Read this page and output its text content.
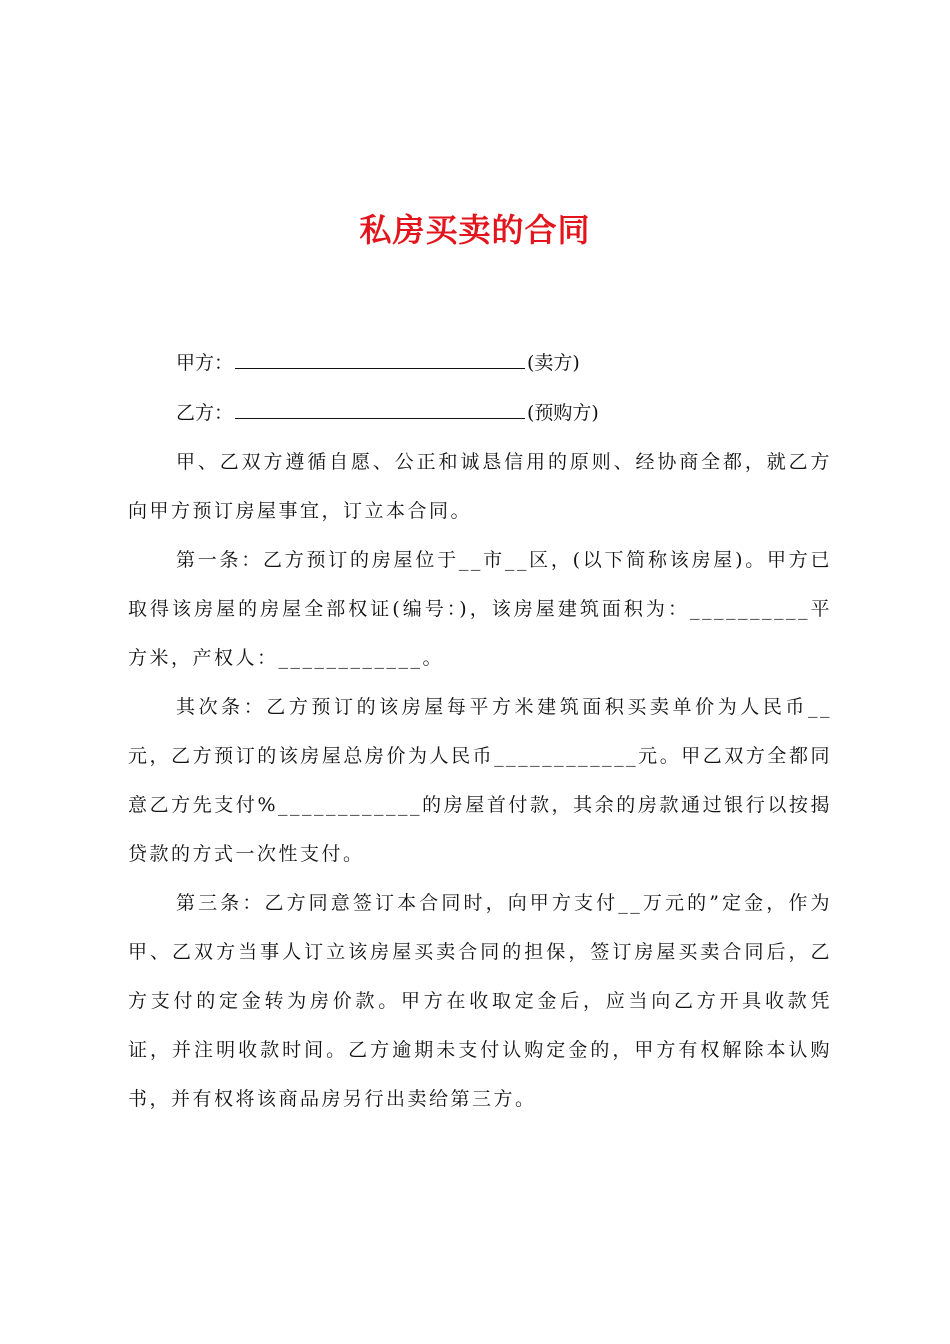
私房买卖的合同

甲方：	(卖方)

乙方：	(预购方)

甲、乙双方遵循自愿、公正和诚恳信用的原则、经协商全都，就乙方向甲方预订房屋事宜，订立本合同。

第一条：乙方预订的房屋位于__市__区，(以下简称该房屋)。甲方已取得该房屋的房屋全部权证(编号：)，该房屋建筑面积为：__________平方米，产权人：____________。

其次条：乙方预订的该房屋每平方米建筑面积买卖单价为人民币__元，乙方预订的该房屋总房价为人民币____________元。甲乙双方全都同意乙方先支付%____________的房屋首付款，其余的房款通过银行以按揭贷款的方式一次性支付。

第三条：乙方同意签订本合同时，向甲方支付__万元的”定金，作为甲、乙双方当事人订立该房屋买卖合同的担保，签订房屋买卖合同后，乙方支付的定金转为房价款。甲方在收取定金后，应当向乙方开具收款凭证，并注明收款时间。乙方逾期未支付认购定金的，甲方有权解除本认购书，并有权将该商品房另行出卖给第三方。
